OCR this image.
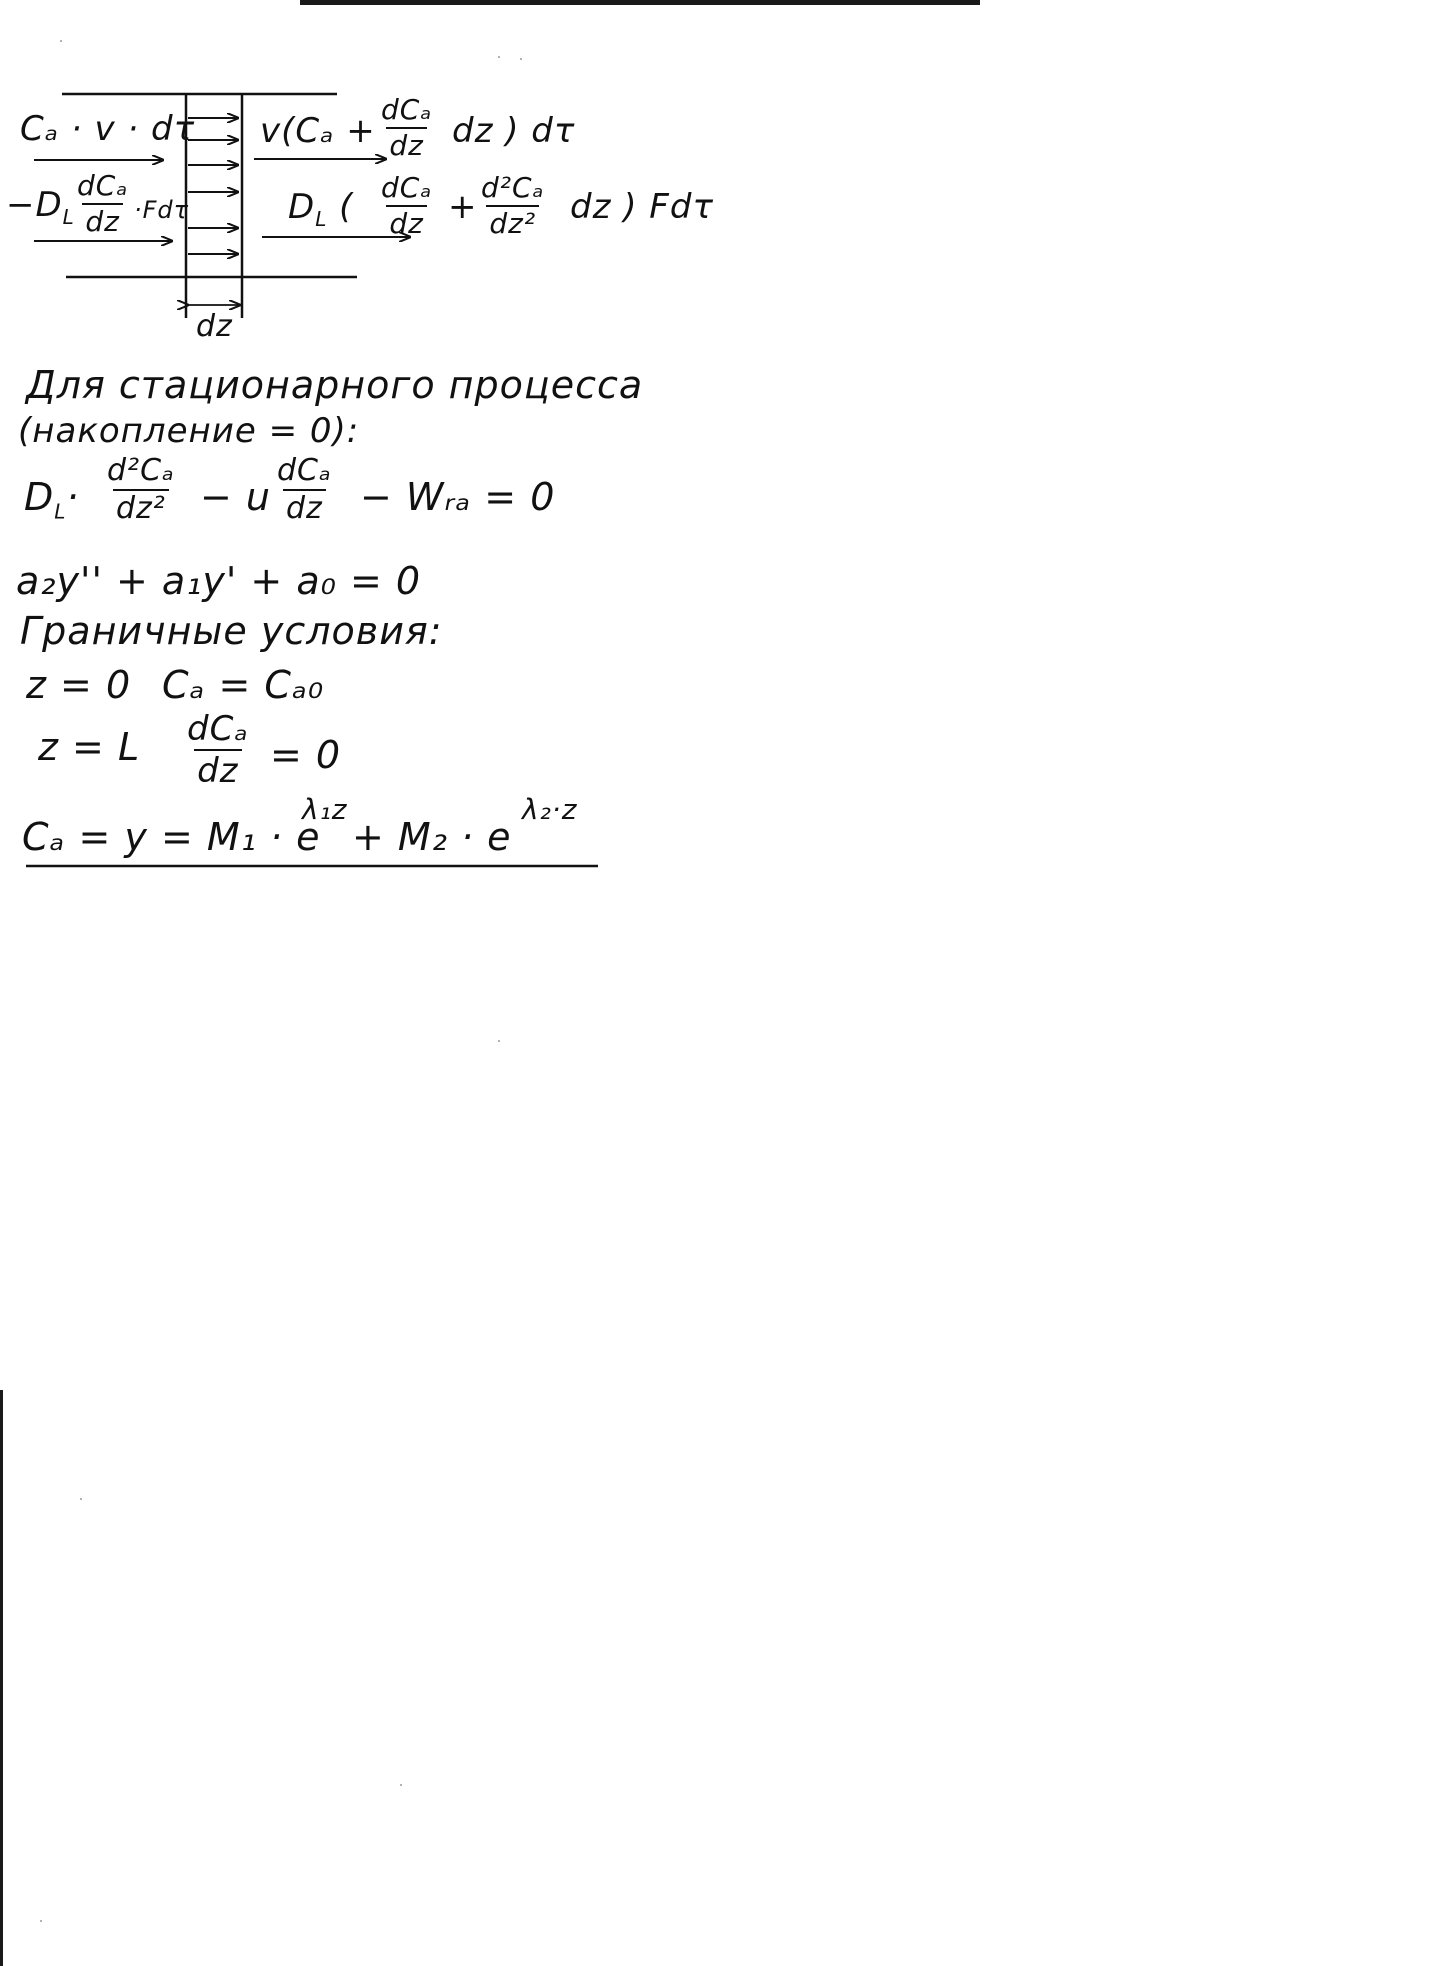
Cₐ · v · dτ
$-D_L$
dCₐ
dz ·Fdτ
v(Cₐ +
dCₐ
dz dz ) dτ
$D_L$ ( dCₐ
dz + $\frac{\text{d²Cₐ}}{\text{dz²}}$ dz ) Fdτ
dz
Для стационарного процесса
(накопление = 0):
$D_L\cdot \frac{\text{d²Cₐ}}{\text{dz²}} - u$
dCₐ
dz − Wᵣₐ = 0
a₂y'' + a₁y' + a₀ = 0
Граничные условия:
z = 0 Cₐ = Cₐ₀
z = L dCₐ
dz = 0
Cₐ = y = M₁ · e
λ₁z
+ M₂ · e
λ₂·z
